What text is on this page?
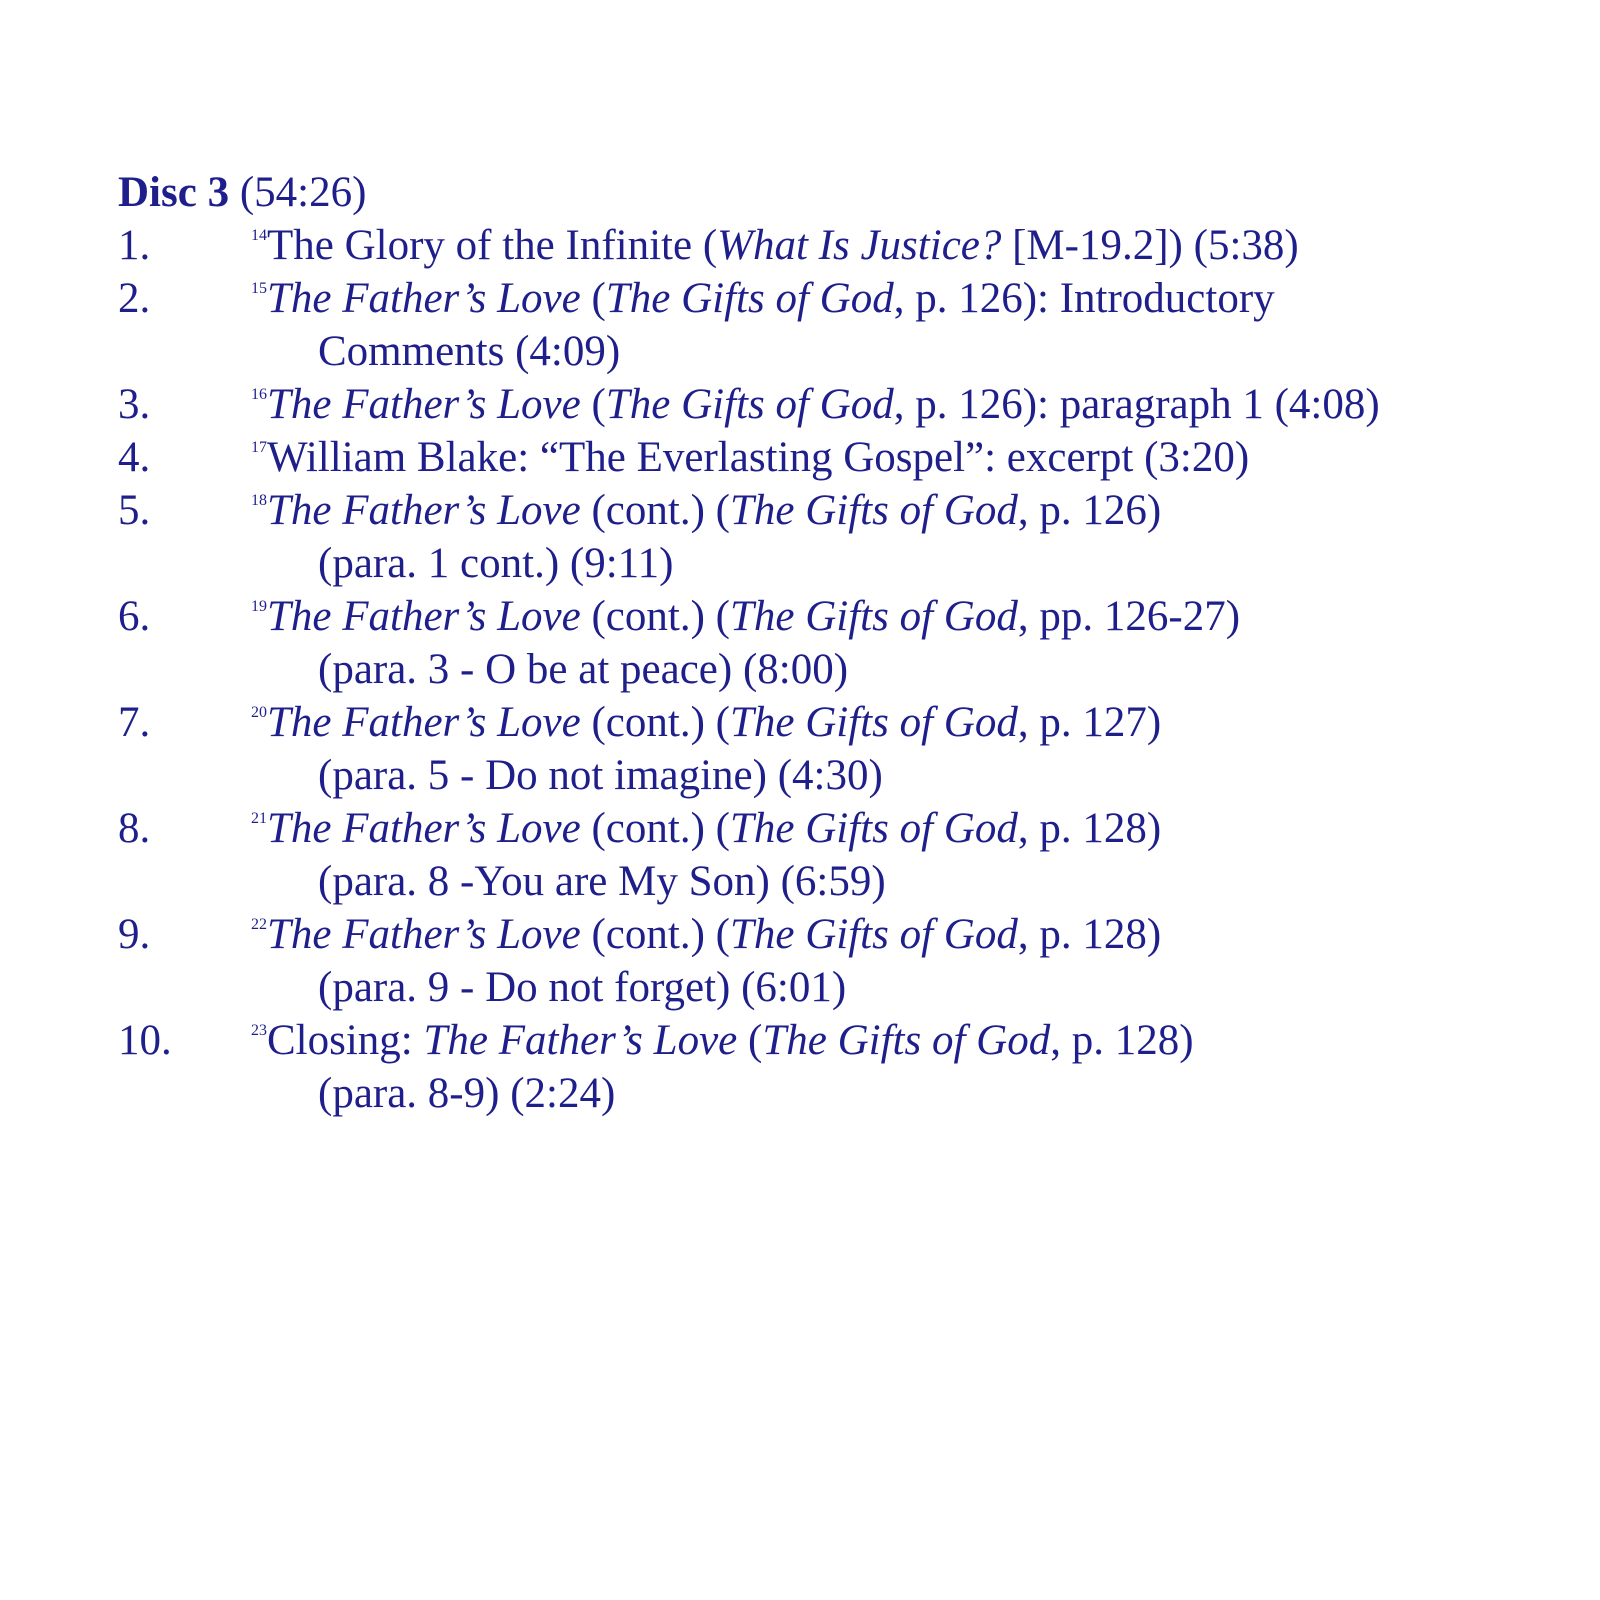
Disc 3 (54:26)
1.	$^{14}$The Glory of the Infinite (What Is Justice? [M-19.2]) (5:38)
2.	$^{15}$The Father’s Love (The Gifts of God, p. 126): Introductory
Comments (4:09)
3.	$^{16}$The Father’s Love (The Gifts of God, p. 126): paragraph 1 (4:08)
4.	$^{17}$William Blake: “The Everlasting Gospel”: excerpt (3:20)
5.	$^{18}$The Father’s Love (cont.) (The Gifts of God, p. 126)
(para. 1 cont.) (9:11)
6.	$^{19}$The Father’s Love (cont.) (The Gifts of God, pp. 126-27)
(para. 3 - O be at peace) (8:00)
7.	$^{20}$The Father’s Love (cont.) (The Gifts of God, p. 127)
(para. 5 - Do not imagine) (4:30)
8.	$^{21}$The Father’s Love (cont.) (The Gifts of God, p. 128)
(para. 8 -You are My Son) (6:59)
9.	$^{22}$The Father’s Love (cont.) (The Gifts of God, p. 128)
(para. 9 - Do not forget) (6:01)
10.	$^{23}$Closing: The Father’s Love (The Gifts of God, p. 128)
(para. 8-9) (2:24)
